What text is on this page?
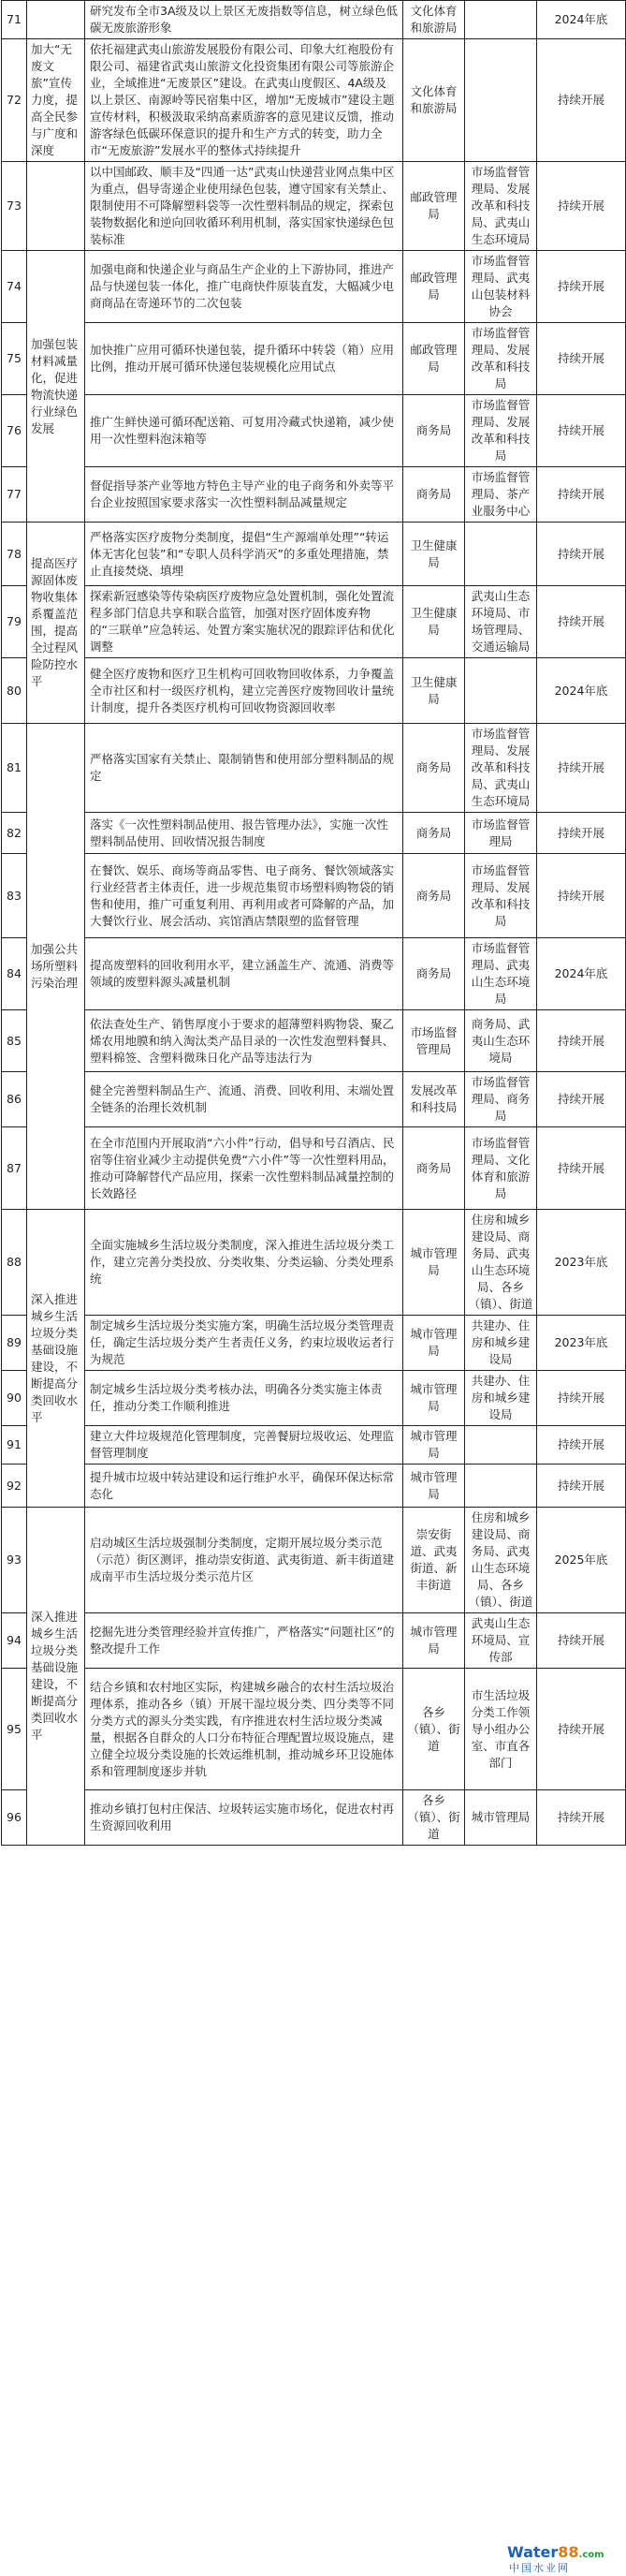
71		研究发布全市3A级及以上景区无废指数等信息，树立绿色低碳无废旅游形象	文化体育和旅游局		2024年底
72	加大“无废文旅”宣传力度，提高全民参与广度和深度	依托福建武夷山旅游发展股份有限公司、印象大红袍股份有限公司、福建省武夷山旅游文化投资集团有限公司等旅游企业，全域推进“无废景区”建设。在武夷山度假区、4A级及以上景区、南源岭等民宿集中区，增加“无废城市”建设主题宣传材料，积极汲取采纳高素质游客的意见建议反馈，推动游客绿色低碳环保意识的提升和生产方式的转变，助力全市“无废旅游”发展水平的整体式持续提升	文化体育和旅游局		持续开展
73		以中国邮政、顺丰及“四通一达”武夷山快递营业网点集中区为重点，倡导寄递企业使用绿色包装，遵守国家有关禁止、限制使用不可降解塑料袋等一次性塑料制品的规定，探索包装物数据化和逆向回收循环利用机制，落实国家快递绿色包装标准	邮政管理局	市场监督管理局、发展改革和科技局、武夷山生态环境局	持续开展
74	加强包装材料减量化，促进物流快递行业绿色发展	加强电商和快递企业与商品生产企业的上下游协同，推进产品与快递包装一体化，推广电商快件原装直发，大幅减少电商商品在寄递环节的二次包装	邮政管理局	市场监督管理局、武夷山包装材料协会	持续开展
75		加快推广应用可循环快递包装，提升循环中转袋（箱）应用比例，推动开展可循环快递包装规模化应用试点	邮政管理局	市场监督管理局、发展改革和科技局	持续开展
76		推广生鲜快递可循环配送箱、可复用冷藏式快递箱，减少使用一次性塑料泡沫箱等	商务局	市场监督管理局、发展改革和科技局	持续开展
77		督促指导茶产业等地方特色主导产业的电子商务和外卖等平台企业按照国家要求落实一次性塑料制品减量规定	商务局	市场监督管理局、茶产业服务中心	持续开展
78	提高医疗源固体废物收集体系覆盖范围，提高全过程风险防控水平	严格落实医疗废物分类制度，提倡“生产源端单处理”“转运体无害化包装”和“专职人员科学消灭”的多重处理措施，禁止直接焚烧、填埋	卫生健康局		持续开展
79		探索新冠感染等传染病医疗废物应急处置机制，强化处置流程多部门信息共享和联合监管，加强对医疗固体废弃物的“三联单”应急转运、处置方案实施状况的跟踪评估和优化调整	卫生健康局	武夷山生态环境局、市场管理局、交通运输局	持续开展
80		健全医疗废物和医疗卫生机构可回收物回收体系，力争覆盖全市社区和村一级医疗机构，建立完善医疗废物回收计量统计制度，提升各类医疗机构可回收物资源回收率	卫生健康局		2024年底
81	加强公共场所塑料污染治理	严格落实国家有关禁止、限制销售和使用部分塑料制品的规定	商务局	市场监督管理局、发展改革和科技局、武夷山生态环境局	持续开展
82		落实《一次性塑料制品使用、报告管理办法》，实施一次性塑料制品使用、回收情况报告制度	商务局	市场监督管理局	持续开展
83		在餐饮、娱乐、商场等商品零售、电子商务、餐饮领域落实行业经营者主体责任，进一步规范集贸市场塑料购物袋的销售和使用，推广可重复利用、再利用或者可降解的产品，加大餐饮行业、展会活动、宾馆酒店禁限塑的监督管理	商务局	市场监督管理局、发展改革和科技局	持续开展
84		提高废塑料的回收利用水平，建立涵盖生产、流通、消费等领域的废塑料源头减量机制	商务局	市场监督管理局、武夷山生态环境局	2024年底
85		依法查处生产、销售厚度小于要求的超薄塑料购物袋、聚乙烯农用地膜和纳入淘汰类产品目录的一次性发泡塑料餐具、塑料棉签、含塑料微珠日化产品等违法行为	市场监督管理局	商务局、武夷山生态环境局	持续开展
86		健全完善塑料制品生产、流通、消费、回收利用、末端处置全链条的治理长效机制	发展改革和科技局	市场监督管理局、商务局	持续开展
87		在全市范围内开展取消“六小件”行动，倡导和号召酒店、民宿等住宿业减少主动提供免费“六小件”等一次性塑料用品，推动可降解替代产品应用，探索一次性塑料制品减量控制的长效路径	商务局	市场监督管理局、文化体育和旅游局	持续开展
88	深入推进城乡生活垃圾分类基础设施建设，不断提高分类回收水平	全面实施城乡生活垃圾分类制度，深入推进生活垃圾分类工作，建立完善分类投放、分类收集、分类运输、分类处理系统	城市管理局	住房和城乡建设局、商务局、武夷山生态环境局、各乡（镇）、街道	2023年底
89		制定城乡生活垃圾分类实施方案，明确生活垃圾分类管理责任，确定生活垃圾分类产生者责任义务，约束垃圾收运者行为规范	城市管理局	共建办、住房和城乡建设局	2023年底
90		制定城乡生活垃圾分类考核办法，明确各分类实施主体责任，推动分类工作顺利推进	城市管理局	共建办、住房和城乡建设局	持续开展
91		建立大件垃圾规范化管理制度，完善餐厨垃圾收运、处理监督管理制度	城市管理局		持续开展
92		提升城市垃圾中转站建设和运行维护水平，确保环保达标常态化	城市管理局		持续开展
93	深入推进城乡生活垃圾分类基础设施建设，不断提高分类回收水平	启动城区生活垃圾强制分类制度，定期开展垃圾分类示范（示范）街区测评，推动崇安街道、武夷街道、新丰街道建成南平市生活垃圾分类示范片区	崇安街道、武夷街道、新丰街道	住房和城乡建设局、商务局、武夷山生态环境局、各乡（镇）、街道	2025年底
94		挖掘先进分类管理经验并宣传推广，严格落实“问题社区”的整改提升工作	城市管理局	武夷山生态环境局、宣传部	持续开展
95		结合乡镇和农村地区实际，构建城乡融合的农村生活垃圾治理体系，推动各乡（镇）开展干湿垃圾分类、四分类等不同分类方式的源头分类实践，有序推进农村生活垃圾分类减量，根据各自群众的人口分布特征合理配置垃圾设施点，建立健全垃圾分类设施的长效运维机制，推动城乡环卫设施体系和管理制度逐步并轨	各乡（镇）、街道	市生活垃圾分类工作领导小组办公室、市直各部门	持续开展
96		推动乡镇打包村庄保洁、垃圾转运实施市场化，促进农村再生资源回收利用	各乡（镇）、街道	城市管理局	持续开展
Water88.com
中国水业网
